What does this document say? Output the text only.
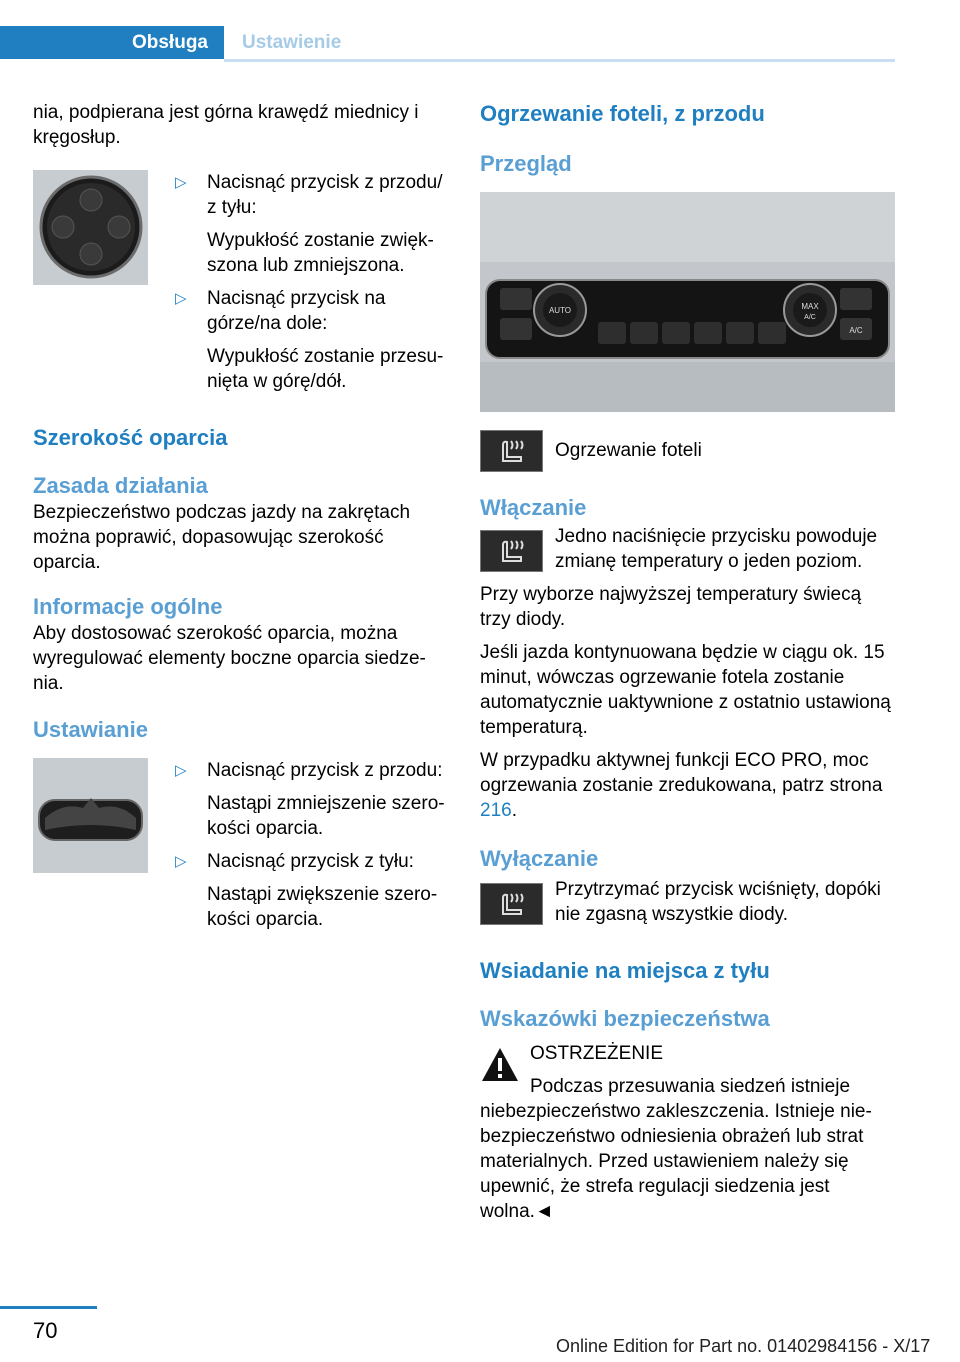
Obsługa	Ustawienie

nia, podpierana jest górna krawędź miednicy i kręgosłup.

▷	Nacisnąć przycisk z przodu/ z tyłu:

Wypukłość zostanie zwiększona lub zmniejszona.

▷	Nacisnąć przycisk na górze/na dole:

Wypukłość zostanie przesunięta w górę/dół.

Szerokość oparcia
Zasada działania

Bezpieczeństwo podczas jazdy na zakrętach można poprawić, dopasowując szerokość oparcia.

Informacje ogólne

Aby dostosować szerokość oparcia, można wyregulować elementy boczne oparcia siedzenia.

Ustawianie
▷	Nacisnąć przycisk z przodu:

Nastąpi zmniejszenie szerokości oparcia.

▷	Nacisnąć przycisk z tyłu:

Nastąpi zwiększenie szerokości oparcia.

Ogrzewanie foteli, z przodu
Przegląd
AUTO	MAX
A/C
A/C

Ogrzewanie foteli

Włączanie

Jedno naciśnięcie przycisku powoduje zmianę temperatury o jeden poziom.

Przy wyborze najwyższej temperatury świecą trzy diody.

Jeśli jazda kontynuowana będzie w ciągu ok. 15 minut, wówczas ogrzewanie fotela zostanie automatycznie uaktywnione z ostatnio ustawioną temperaturą.

W przypadku aktywnej funkcji ECO PRO, moc ogrzewania zostanie zredukowana, patrz strona 216.

Wyłączanie

Przytrzymać przycisk wciśnięty, dopóki nie zgasną wszystkie diody.

Wsiadanie na miejsca z tyłu
Wskazówki bezpieczeństwa

OSTRZEŻENIE

Podczas przesuwania siedzeń istnieje

niebezpieczeństwo zakleszczenia. Istnieje niebezpieczeństwo odniesienia obrażeń lub strat materialnych. Przed ustawieniem należy się upewnić, że strefa regulacji siedzenia jest wolna.◄

70
Online Edition for Part no. 01402984156 - X/17
